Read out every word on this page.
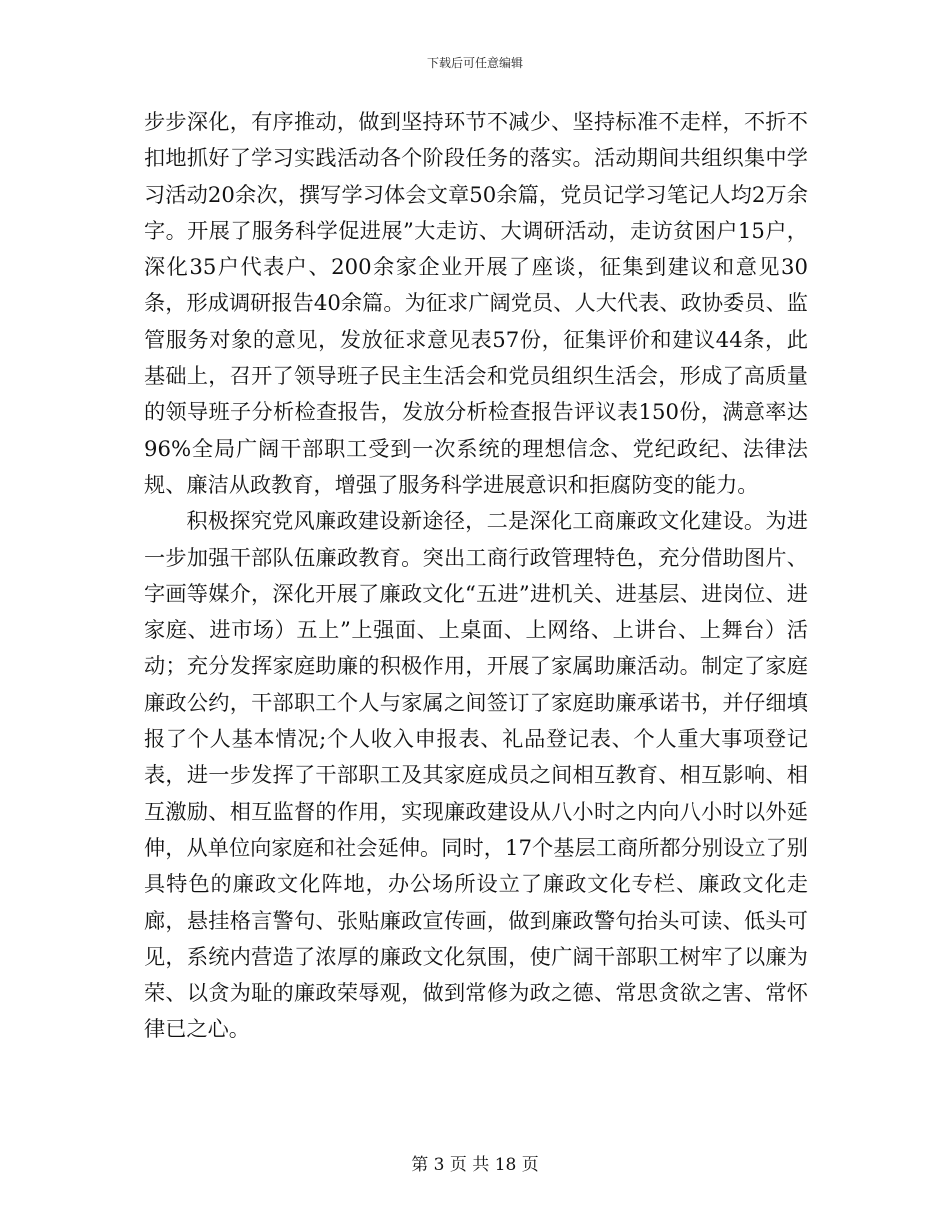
下载后可任意编辑

步步深化，有序推动，做到坚持环节不减少、坚持标准不走样，不折不扣地抓好了学习实践活动各个阶段任务的落实。活动期间共组织集中学习活动20余次，撰写学习体会文章50余篇，党员记学习笔记人均2万余字。开展了服务科学促进展”大走访、大调研活动，走访贫困户15户，深化35户代表户、200余家企业开展了座谈，征集到建议和意见30条，形成调研报告40余篇。为征求广阔党员、人大代表、政协委员、监管服务对象的意见，发放征求意见表57份，征集评价和建议44条，此基础上，召开了领导班子民主生活会和党员组织生活会，形成了高质量的领导班子分析检查报告，发放分析检查报告评议表150份，满意率达96%全局广阔干部职工受到一次系统的理想信念、党纪政纪、法律法规、廉洁从政教育，增强了服务科学进展意识和拒腐防变的能力。

积极探究党风廉政建设新途径，二是深化工商廉政文化建设。为进一步加强干部队伍廉政教育。突出工商行政管理特色，充分借助图片、字画等媒介，深化开展了廉政文化“五进”进机关、进基层、进岗位、进家庭、进市场）五上”上强面、上桌面、上网络、上讲台、上舞台）活动；充分发挥家庭助廉的积极作用，开展了家属助廉活动。制定了家庭廉政公约，干部职工个人与家属之间签订了家庭助廉承诺书，并仔细填报了个人基本情况;个人收入申报表、礼品登记表、个人重大事项登记表，进一步发挥了干部职工及其家庭成员之间相互教育、相互影响、相互激励、相互监督的作用，实现廉政建设从八小时之内向八小时以外延伸，从单位向家庭和社会延伸。同时，17个基层工商所都分别设立了别具特色的廉政文化阵地，办公场所设立了廉政文化专栏、廉政文化走廊，悬挂格言警句、张贴廉政宣传画，做到廉政警句抬头可读、低头可见，系统内营造了浓厚的廉政文化氛围，使广阔干部职工树牢了以廉为荣、以贪为耻的廉政荣辱观，做到常修为政之德、常思贪欲之害、常怀律已之心。

第 3 页 共 18 页
